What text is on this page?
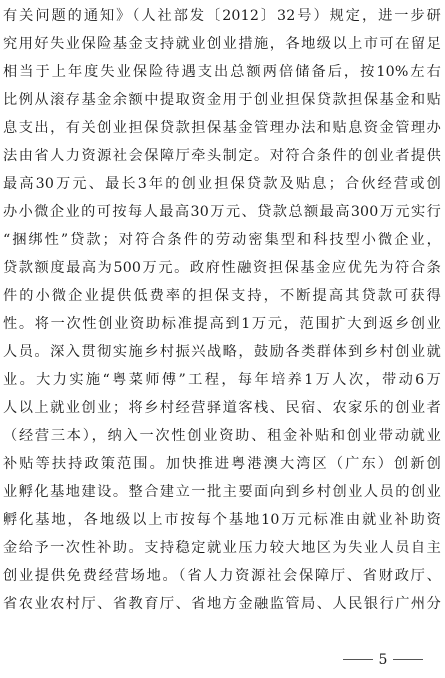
有关问题的通知》（人社部发〔2012〕32号）规定，进一步研
究用好失业保险基金支持就业创业措施，各地级以上市可在留足
相当于上年度失业保险待遇支出总额两倍储备后，按10%左右
比例从滚存基金余额中提取资金用于创业担保贷款担保基金和贴
息支出，有关创业担保贷款担保基金管理办法和贴息资金管理办
法由省人力资源社会保障厅牵头制定。对符合条件的创业者提供
最高30万元、最长3年的创业担保贷款及贴息；合伙经营或创
办小微企业的可按每人最高30万元、贷款总额最高300万元实行
“捆绑性”贷款；对符合条件的劳动密集型和科技型小微企业，
贷款额度最高为500万元。政府性融资担保基金应优先为符合条
件的小微企业提供低费率的担保支持，不断提高其贷款可获得
性。将一次性创业资助标准提高到1万元，范围扩大到返乡创业
人员。深入贯彻实施乡村振兴战略，鼓励各类群体到乡村创业就
业。大力实施“粤菜师傅”工程，每年培养1万人次，带动6万
人以上就业创业；将乡村经营驿道客栈、民宿、农家乐的创业者
（经营三本），纳入一次性创业资助、租金补贴和创业带动就业
补贴等扶持政策范围。加快推进粤港澳大湾区（广东）创新创
业孵化基地建设。整合建立一批主要面向到乡村创业人员的创业
孵化基地，各地级以上市按每个基地10万元标准由就业补助资
金给予一次性补助。支持稳定就业压力较大地区为失业人员自主
创业提供免费经营场地。（省人力资源社会保障厅、省财政厅、
省农业农村厅、省教育厅、省地方金融监管局、人民银行广州分
5
